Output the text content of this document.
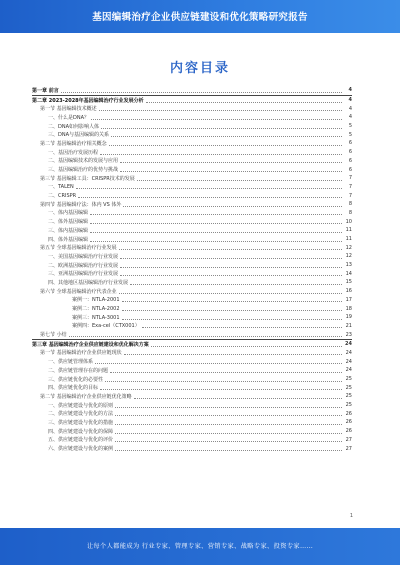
基因编辑治疗企业供应链建设和优化策略研究报告
内容目录
第一章 前言	4
第二章 2023-2028年基因编辑治疗行业发展分析	4
第一节 基因编辑技术概述	4
一、什么是DNA？	4
二、DNA如何影响人体	5
三、DNA与基因编辑的关系	5
第二节 基因编辑治疗相关概念	6
一、基因治疗发展历程	6
二、基因编辑技术的发展与应用	6
三、基因编辑治疗的优势与挑战	6
第三节 基因编辑工具：CRISPR技术的发展	7
一、TALEN	7
二、CRISPR	7
第四节 基因编辑疗法：体内 VS 体外	8
一、体内基因编辑	8
二、体外基因编辑	10
三、体内基因编辑	11
四、体外基因编辑	11
第五节 全球基因编辑治疗行业发展	12
一、美国基因编辑治疗行业发展	12
二、欧洲基因编辑治疗行业发展	13
三、亚洲基因编辑治疗行业发展	14
四、其他地区基因编辑治疗行业发展	15
第六节 全球基因编辑治疗代表企业	16
案例一：NTLA-2001	17
案例二：NTLA-2002	18
案例三：NTLA-3001	19
案例四：Exa-cel（CTX001）	21
第七节 小结	23
第三章 基因编辑治疗企业供应链建设和优化解决方案	24
第一节 基因编辑治疗企业供应链现状	24
一、供应链管理体系	24
二、供应链管理存在的问题	24
三、供应链优化的必要性	25
四、供应链优化的目标	25
第二节 基因编辑治疗企业供应链优化策略	25
一、供应链建设与优化的原则	25
二、供应链建设与优化的方法	26
三、供应链建设与优化的措施	26
四、供应链建设与优化的保障	26
五、供应链建设与优化的评价	27
六、供应链建设与优化的案例	27
1
让每个人都能成为 行业专家、管理专家、营销专家、战略专家、投资专家……
